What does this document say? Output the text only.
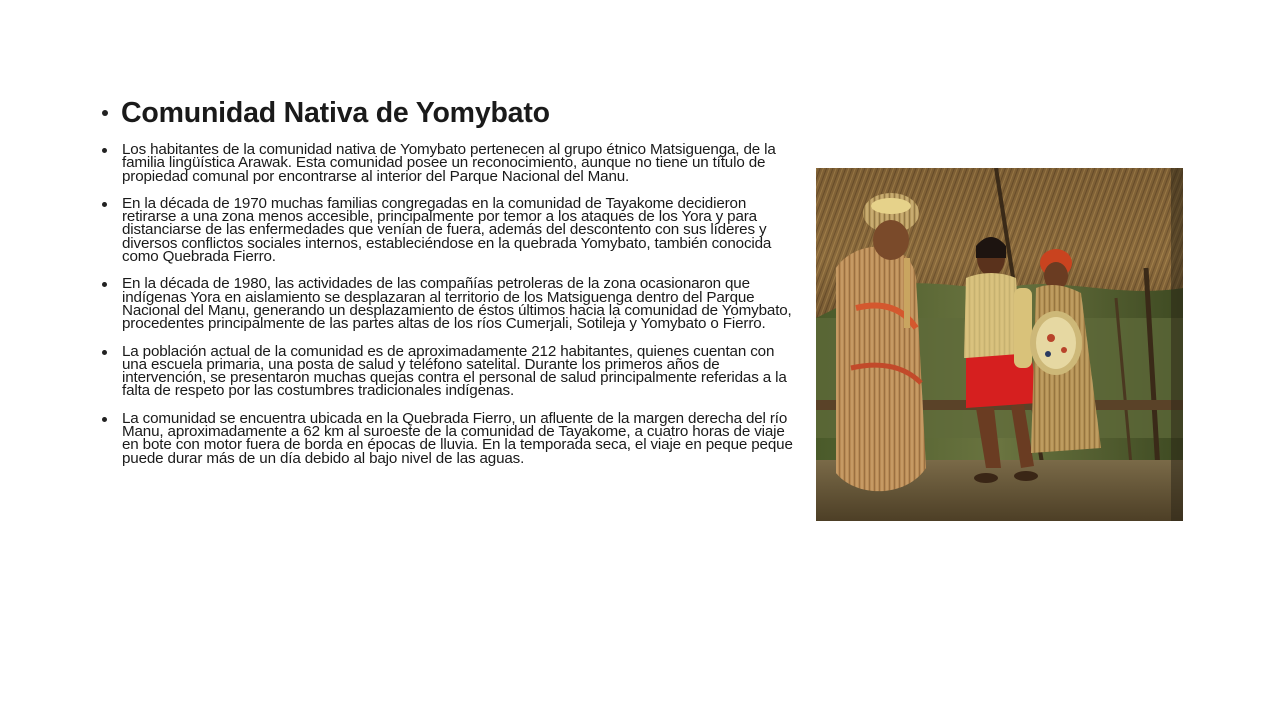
Comunidad Nativa de Yomybato
Los habitantes de la comunidad nativa de Yomybato pertenecen al grupo étnico Matsiguenga, de la familia lingüística Arawak. Esta comunidad posee un reconocimiento, aunque no tiene un título de propiedad comunal por encontrarse al interior del Parque Nacional del Manu.
En la década de 1970 muchas familias congregadas en la comunidad de Tayakome decidieron retirarse a una zona menos accesible, principalmente por temor a los ataques de los Yora y para distanciarse de las enfermedades que venían de fuera, además del descontento con sus líderes y diversos conflictos sociales internos, estableciéndose en la quebrada Yomybato, también conocida como Quebrada Fierro.
En la década de 1980, las actividades de las compañías petroleras de la zona ocasionaron que indígenas Yora en aislamiento se desplazaran al territorio de los Matsiguenga dentro del Parque Nacional del Manu, generando un desplazamiento de éstos últimos hacia la comunidad de Yomybato, procedentes principalmente de las partes altas de los ríos Cumerjali, Sotileja y Yomybato o Fierro.
La población actual de la comunidad es de aproximadamente 212 habitantes, quienes cuentan con una escuela primaria, una posta de salud y teléfono satelital. Durante los primeros años de intervención, se presentaron muchas quejas contra el personal de salud principalmente referidas a la falta de respeto por las costumbres tradicionales indígenas.
La comunidad se encuentra ubicada en la Quebrada Fierro, un afluente de la margen derecha del río Manu, aproximadamente a 62 km al suroeste de la comunidad de Tayakome, a cuatro horas de viaje en bote con motor fuera de borda en épocas de lluvia. En la temporada seca, el viaje en peque peque puede durar más de un día debido al bajo nivel de las aguas.
